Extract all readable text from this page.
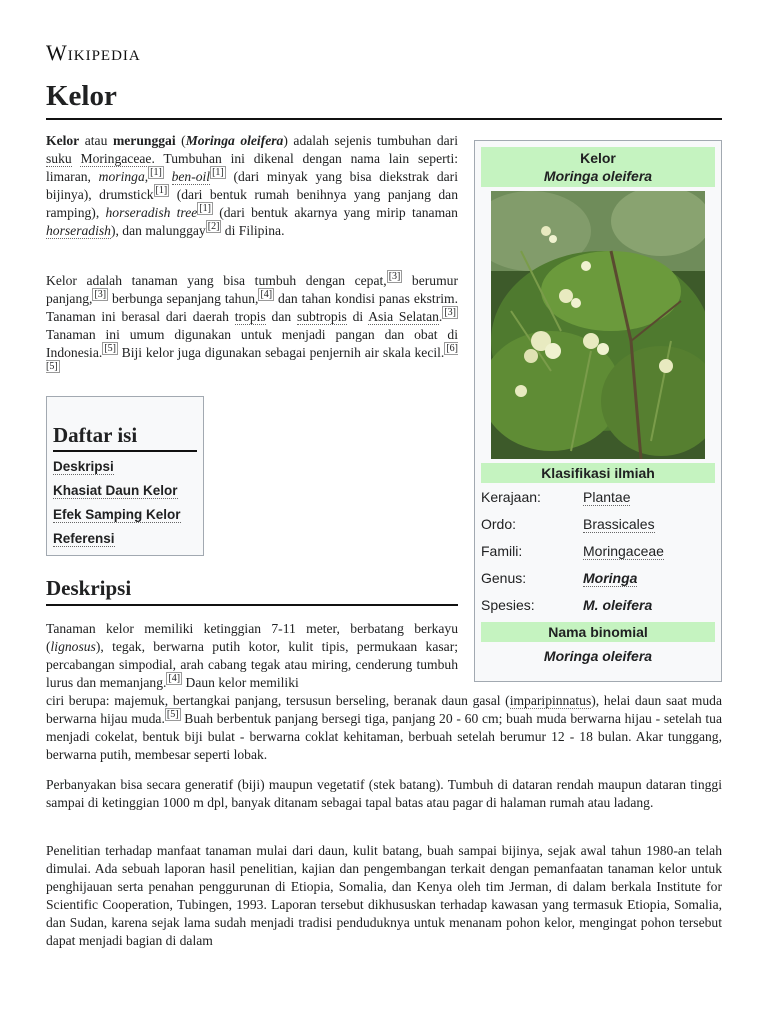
Wikipedia
Kelor

Kelor atau merunggai (Moringa oleifera) adalah sejenis tumbuhan dari suku Moringaceae. Tumbuhan ini dikenal dengan nama lain seperti: limaran, moringa, [1] ben-oil [1] (dari minyak yang bisa diekstrak dari bijinya), drumstick [1] (dari bentuk rumah benihnya yang panjang dan ramping), horseradish tree [1] (dari bentuk akarnya yang mirip tanaman horseradish), dan malunggay [2] di Filipina.

Kelor adalah tanaman yang bisa tumbuh dengan cepat, [3] berumur panjang, [3] berbunga sepanjang tahun, [4] dan tahan kondisi panas ekstrim. Tanaman ini berasal dari daerah tropis dan subtropis di Asia Selatan. [3] Tanaman ini umum digunakan untuk menjadi pangan dan obat di Indonesia. [5] Biji kelor juga digunakan sebagai penjernih air skala kecil. [6][5]

Daftar isi
Deskripsi
Khasiat Daun Kelor
Efek Samping Kelor
Referensi
Deskripsi

Tanaman kelor memiliki ketinggian 7-11 meter, berbatang berkayu (lignosus), tegak, berwarna putih kotor, kulit tipis, permukaan kasar; percabangan simpodial, arah cabang tegak atau miring, cenderung tumbuh lurus dan memanjang. [4] Daun kelor memiliki

ciri berupa: majemuk, bertangkai panjang, tersusun berseling, beranak daun gasal (imparipinnatus), helai daun saat muda berwarna hijau muda. [5] Buah berbentuk panjang bersegi tiga, panjang 20 - 60 cm; buah muda berwarna hijau - setelah tua menjadi cokelat, bentuk biji bulat - berwarna coklat kehitaman, berbuah setelah berumur 12 - 18 bulan. Akar tunggang, berwarna putih, membesar seperti lobak.

Perbanyakan bisa secara generatif (biji) maupun vegetatif (stek batang). Tumbuh di dataran rendah maupun dataran tinggi sampai di ketinggian 1000 m dpl, banyak ditanam sebagai tapal batas atau pagar di halaman rumah atau ladang.

Penelitian terhadap manfaat tanaman mulai dari daun, kulit batang, buah sampai bijinya, sejak awal tahun 1980-an telah dimulai. Ada sebuah laporan hasil penelitian, kajian dan pengembangan terkait dengan pemanfaatan tanaman kelor untuk penghijauan serta penahan penggurunan di Etiopia, Somalia, dan Kenya oleh tim Jerman, di dalam berkala Institute for Scientific Cooperation, Tubingen, 1993. Laporan tersebut dikhususkan terhadap kawasan yang termasuk Etiopia, Somalia, dan Sudan, karena sejak lama sudah menjadi tradisi penduduknya untuk menanam pohon kelor, mengingat pohon tersebut dapat menjadi bagian di dalam

Kelor
Moringa oleifera
Klasifikasi ilmiah
Kerajaan:	Plantae
Ordo:	Brassicales
Famili:	Moringaceae
Genus:	Moringa
Spesies:	M. oleifera
Nama binomial
Moringa oleifera
